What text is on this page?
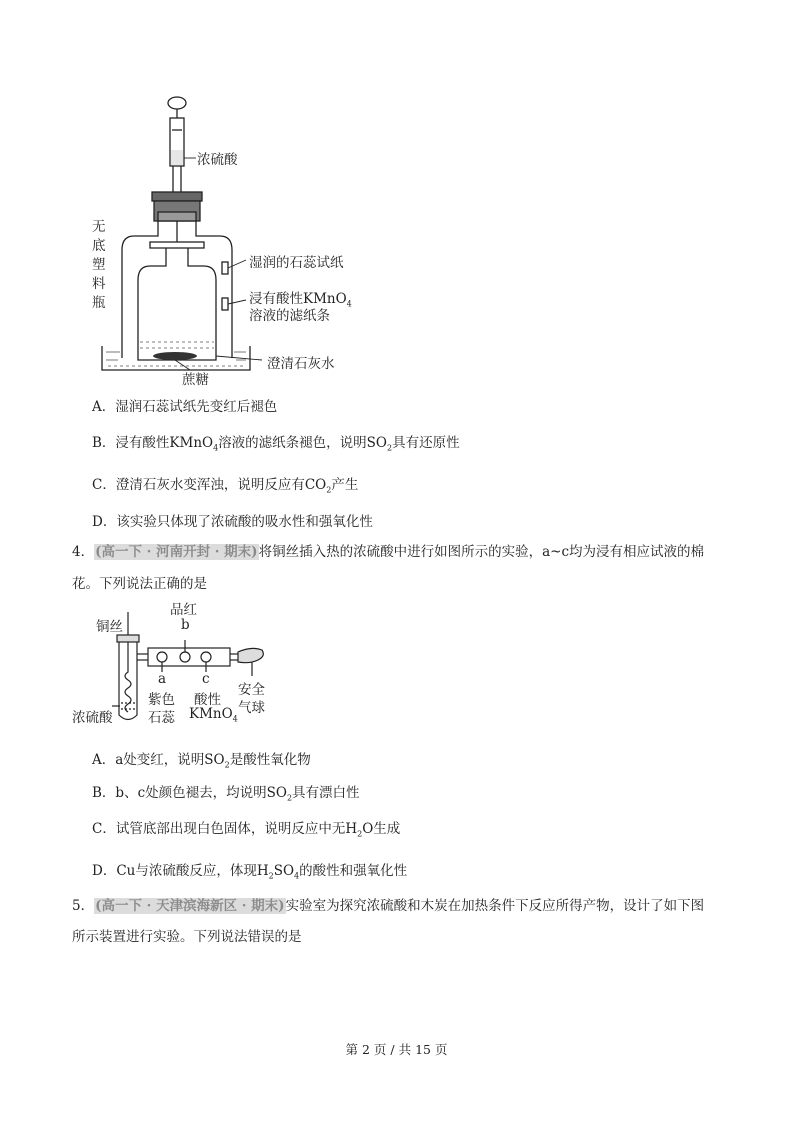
浓硫酸
无
底
塑
料
瓶
湿润的石蕊试纸
浸有酸性KMnO$_4$
溶液的滤纸条
澄清石灰水
蔗糖
A．湿润石蕊试纸先变红后褪色
B．浸有酸性KMnO$_4$溶液的滤纸条褪色，说明$SO_2$具有还原性
C．澄清石灰水变浑浊，说明反应有$CO_2$产生
D．该实验只体现了浓硫酸的吸水性和强氧化性
4．(高一下 · 河南开封 · 期末)将铜丝插入热的浓硫酸中进行如图所示的实验，a~c均为浸有相应试液的棉
花。下列说法正确的是
品红
b
铜丝
a	c
紫色
石蕊
酸性
KMnO$_4$
安全
气球
浓硫酸
A．a处变红，说明$SO_2$是酸性氧化物
B．b、c处颜色褪去，均说明$SO_2$具有漂白性
C．试管底部出现白色固体，说明反应中无$H_2O$生成
D．Cu与浓硫酸反应，体现$H_2SO_4$的酸性和强氧化性
5．(高一下 · 天津滨海新区 · 期末)实验室为探究浓硫酸和木炭在加热条件下反应所得产物，设计了如下图
所示装置进行实验。下列说法错误的是
第 2 页 / 共 15 页
